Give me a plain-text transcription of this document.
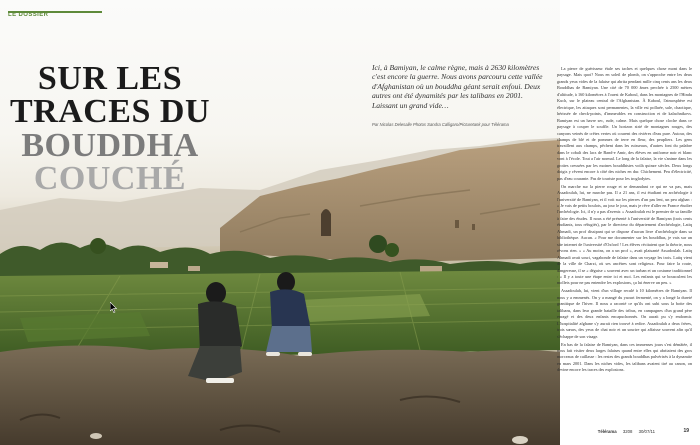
LE DOSSIER
SUR LES
TRACES DU
BOUDDHA
COUCHÉ

Ici, à Bamiyan, le calme règne, mais à 2630 kilomètres c'est encore la guerre. Nous avons parcouru cette vallée d'Afghanistan où un bouddha géant serait enfoui. Deux autres ont été dynamités par les talibans en 2001. Laissant un grand vide…

Par Nicolas Delesalle Photos Sandra Calligaro/Picturetank pour Télérama

La pierre de guérisseur étale ses taches et quelques chose mont dans le paysage. Mais quoi? Nous en soleil de plomb, on s'approche entre les deux grands yeux vides de la falaise qui abrita pendant mille cinq cents ans les deux Bouddhas de Bamiyan. Une cité de 70 000 âmes perchée à 2500 mètres d'altitude, à 160 kilomètres à l'ouest de Kaboul, dans les montagnes de l'Hindu Kuch, sur le plateau central de l'Afghanistan. À Kaboul, l'atmosphère est électrique, les attaques sont permanentes, la ville est polluée, sale, chaotique, hérissée de check-points, d'immeubles en construction et de kalachnikovs. Bamiyan est un havre sec, rude, calme. Mais quelque chose cloche dans ce paysage à couper le souffle. Un horizon strié de montagnes rouges, des canyons veinés de crêtes vertes où courent des rivières d'eau pure. Autour, des champs de blé et de pommes de terre en fleur, des peupliers. Les gens travaillent aux champs, pêchent dans les ruisseaux, d'autres font du palabre dans le cobalt des lacs de Band-e Amir, des élèves en uniforme noir et blanc vont à l'école. Tout a l'air normal. Le long de la falaise, la vie s'anime dans les grottes creusées par les moines bouddhistes voilà quinze siècles. Deux longs doigts y rêvent encore à côté des niches en dur. Chichement. Peu d'électricité, pas d'eau courante. Pas de touriste pour les troglodytes.

On marche sur la pierre rouge et se demandant ce qui ne va pas, mais Assadoulah, lui, ne marche pas. Il a 21 ans, il est étudiant en archéologie à l'université de Bamiyan, et il voit sur les pierres d'un pas lent, un peu afghan : « Je vais de petits boulots, au jour le jour, mais je rêve d'aller en France étudier l'archéologie. Ici, il n'y a pas d'avenir. » Assadoulah est le premier de sa famille à faire des études. Il nous a été présenté à l'université de Bamiyan (trois cents étudiants, tous réfugiés), par le directeur du département d'archéologie, Latiq Ahmadi, un prof dissipant qui se dispose d'aucun livre d'archéologie dans sa bibliothèque. Aucun. « Pour me documenter sur les bouddhas, je vais sur un site internet de l'université d'Oxford ! Les élèves récitaient que la théorie, nous rêvons rien. » « Au moins, on a un prof », avait plaisanté Assadoulah. Latiq Ahmadi avait souri, vagabonde de falaise dans un voyage les trois. Latiq vient de la ville de Charzi, où ses ancêtres sont religieux. Pour faire la route, dangereuse, il se « déguise » souvent avec un turban et un costume traditionnel : « Il y a toute une étape entre ici et moi. Les enfants qui se bousculent les mollets pour ne pas entendre les explosions, ça lui énerve un peu. »

Assadoulah, lui, vient d'un village reculé à 10 kilomètres de Bamiyan. Il nous y a emmenés. On y a mangé du yaourt fermenté, on y a longé la dureté granitique de l'hiver. Il nous a raconté ce qu'ils ont subi sous la botte des talibans, dans leur grande bataille des tribus, en campagnes d'un grand père enragé et des deux enfants encapuchonnés. On aurait pu s'y endormir. L'hospitalité afghane s'y aurait rien trouvé à redire. Assadoulah a deux frères, trois sœurs, des yeux de chat noir et un sourire qui affaisse souvent afin qu'il s'échappe de son visage.

En bas de la falaise de Bamiyan, dans ces immenses jours s'est démâtée, il nous fait visiter deux larges falaises quand entre elles qui abritaient des gros morceaux de caillasse : les restes des grands bouddhas pulvérisés à la dynamite en mars 2001. Dans les niches vides, les talibans avaient tiré au canon, on devine encore les traces des explosions.

Télérama 3208 30/07/11	19
